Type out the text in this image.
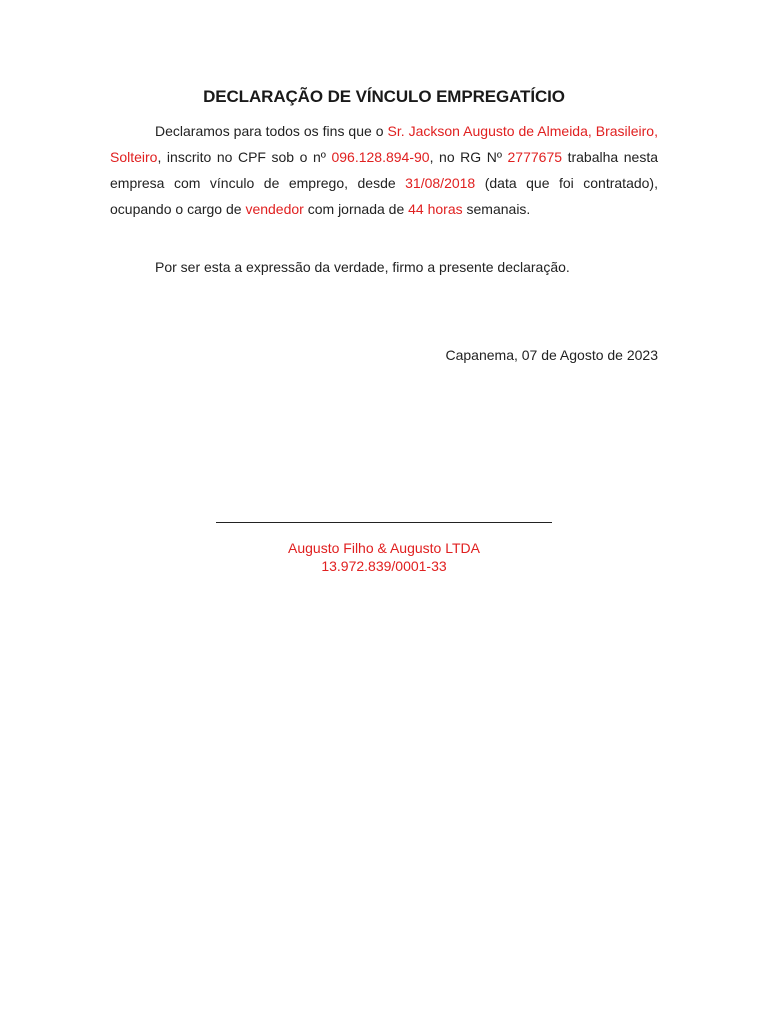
DECLARAÇÃO DE VÍNCULO EMPREGATÍCIO

Declaramos para todos os fins que o Sr. Jackson Augusto de Almeida, Brasileiro, Solteiro, inscrito no CPF sob o nº 096.128.894-90, no RG Nº 2777675 trabalha nesta empresa com vínculo de emprego, desde 31/08/2018 (data que foi contratado), ocupando o cargo de vendedor com jornada de 44 horas semanais.

Por ser esta a expressão da verdade, firmo a presente declaração.

Capanema, 07 de Agosto de 2023
Augusto Filho & Augusto LTDA
13.972.839/0001-33
